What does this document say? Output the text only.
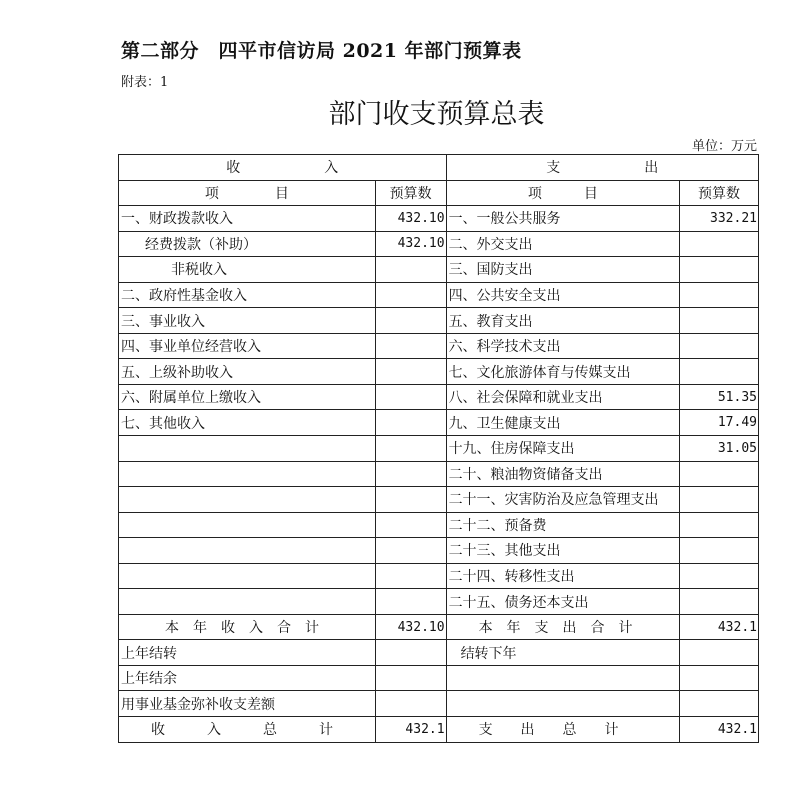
第二部分　四平市信访局 2021 年部门预算表
附表：1
部门收支预算总表
单位：万元
收　　　　　　入		支　　　　　　出	
项　　　　目	预算数	项　　　目	预算数
一、财政拨款收入	432.10	一、一般公共服务	332.21
经费拨款（补助）	432.10	二、外交支出	
非税收入		三、国防支出	
二、政府性基金收入		四、公共安全支出	
三、事业收入		五、教育支出	
四、事业单位经营收入		六、科学技术支出	
五、上级补助收入		七、文化旅游体育与传媒支出	
六、附属单位上缴收入		八、社会保障和就业支出	51.35
七、其他收入		九、卫生健康支出	17.49
		十九、住房保障支出	31.05
		二十、粮油物资储备支出	
		二十一、灾害防治及应急管理支出	
		二十二、预备费	
		二十三、其他支出	
		二十四、转移性支出	
		二十五、债务还本支出	
本　年　收　入　合　计	432.10	本　年　支　出　合　计	432.1
上年结转		结转下年	
上年结余			
用事业基金弥补收支差额			
收　　　入　　　总　　　计	432.1	支　　出　　总　　计	432.1
